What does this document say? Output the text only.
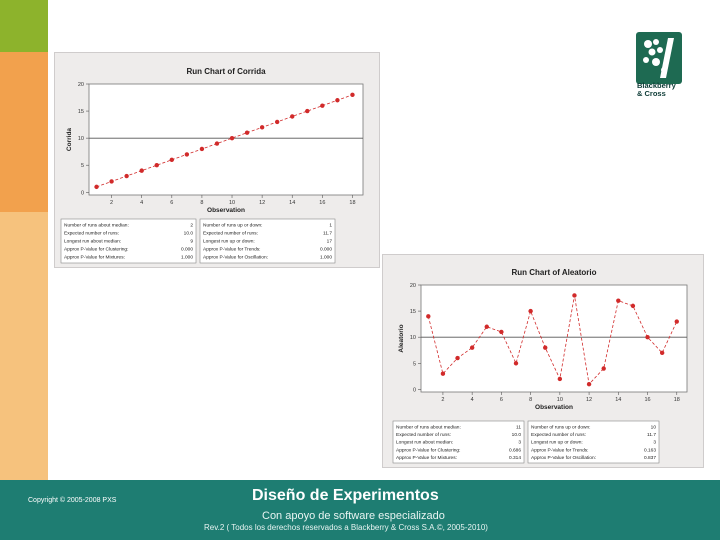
Blackberry
& Cross
Run Chart of Corrida
Observation
Corrida
2	4	6	8	10	12	14	16	18
0
5
10
15
20
Number of runs about median:	2
Expected number of runs:	10.0
Longest run about median:	9
Approx P-Value for Clustering:	0.000
Approx P-Value for Mixtures:	1.000
Number of runs up or down:	1
Expected number of runs:	11.7
Longest run up or down:	17
Approx P-Value for Trends:	0.000
Approx P-Value for Oscillation:	1.000
Run Chart of Aleatorio
Observation
Aleatorio
2	4	6	8	10	12	14	16	18
0
5
10
15
20
Number of runs about median:	11
Expected number of runs:	10.0
Longest run about median:	3
Approx P-Value for Clustering:	0.686
Approx P-Value for Mixtures:	0.314
Number of runs up or down:	10
Expected number of runs:	11.7
Longest run up or down:	3
Approx P-Value for Trends:	0.163
Approx P-Value for Oscillation:	0.837
Copyright © 2005-2008 PXS	Diseño de Experimentos
Con apoyo de software especializado
Rev.2 ( Todos los derechos reservados a Blackberry & Cross S.A.©, 2005-2010)
